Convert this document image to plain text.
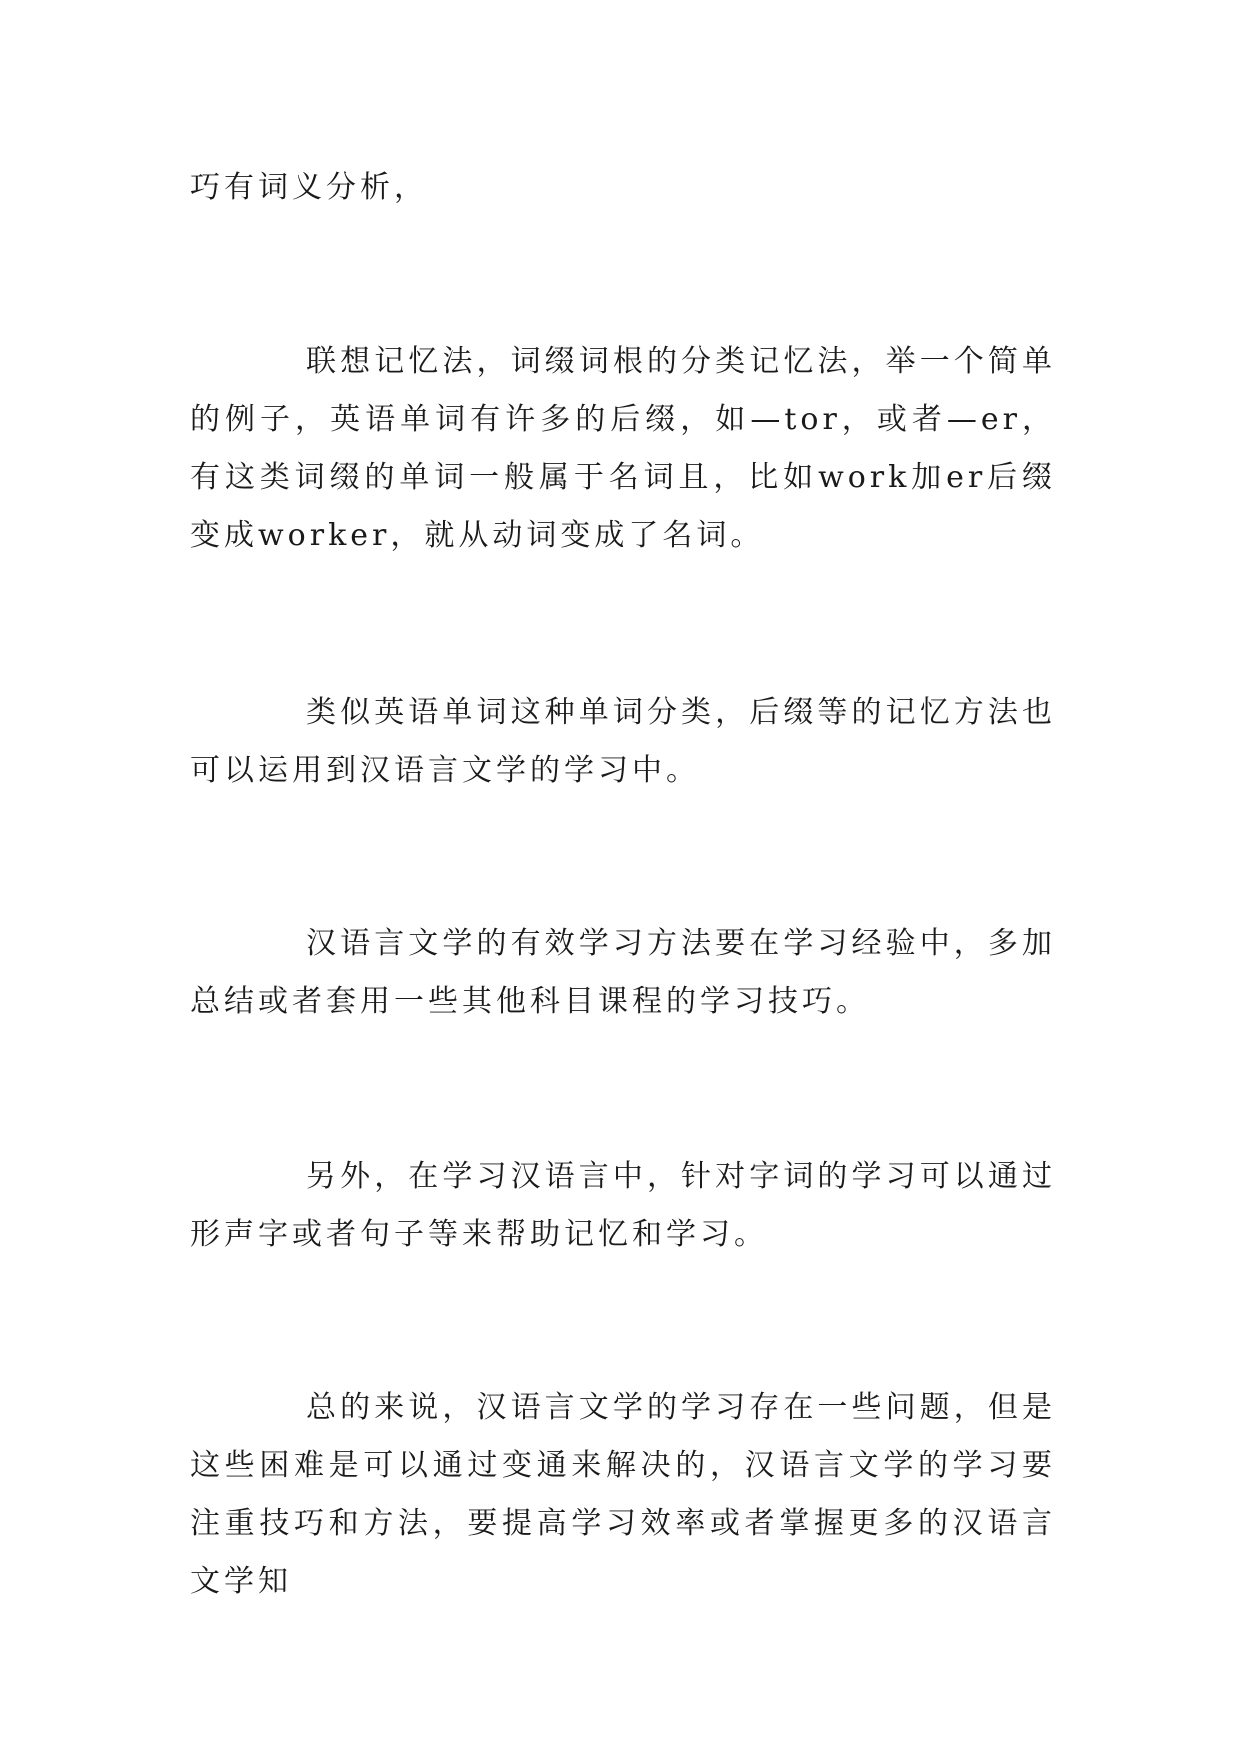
巧有词义分析，

联想记忆法，词缀词根的分类记忆法，举一个简单的例子，英语单词有许多的后缀，如—tor，或者—er，有这类词缀的单词一般属于名词且，比如work加er后缀变成worker，就从动词变成了名词。

类似英语单词这种单词分类，后缀等的记忆方法也可以运用到汉语言文学的学习中。

汉语言文学的有效学习方法要在学习经验中，多加总结或者套用一些其他科目课程的学习技巧。

另外，在学习汉语言中，针对字词的学习可以通过形声字或者句子等来帮助记忆和学习。

总的来说，汉语言文学的学习存在一些问题，但是这些困难是可以通过变通来解决的，汉语言文学的学习要注重技巧和方法，要提高学习效率或者掌握更多的汉语言文学知
